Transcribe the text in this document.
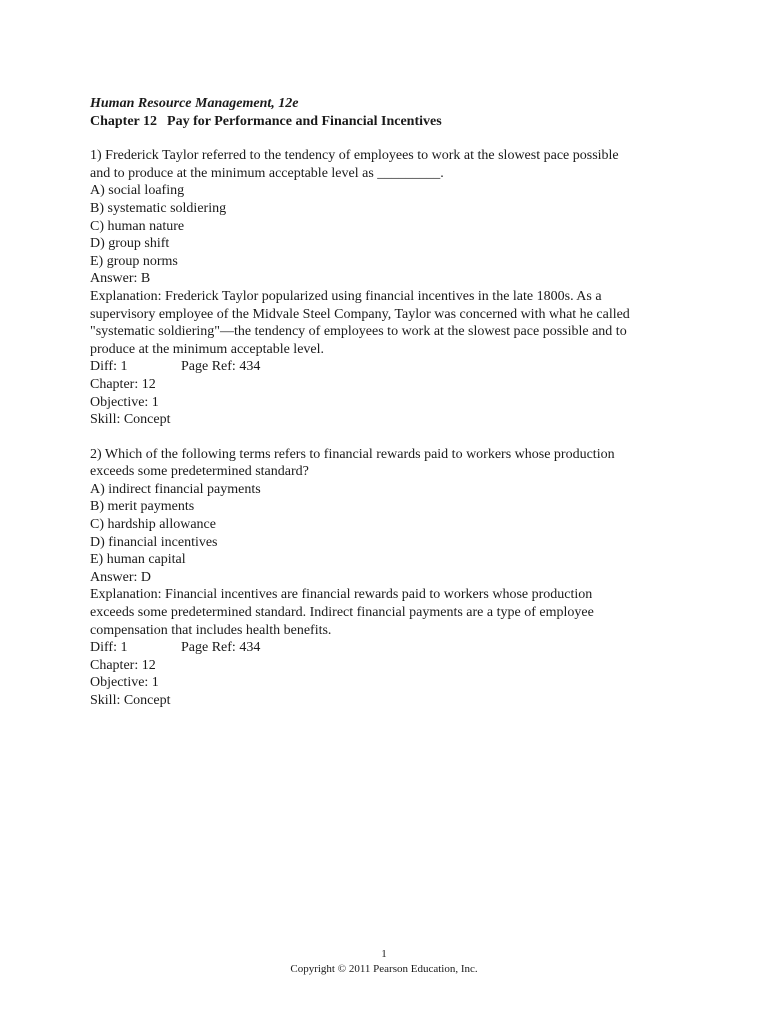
Human Resource Management, 12e
Chapter 12 Pay for Performance and Financial Incentives
1) Frederick Taylor referred to the tendency of employees to work at the slowest pace possible
and to produce at the minimum acceptable level as _________.
A) social loafing
B) systematic soldiering
C) human nature
D) group shift
E) group norms
Answer: B
Explanation: Frederick Taylor popularized using financial incentives in the late 1800s. As a
supervisory employee of the Midvale Steel Company, Taylor was concerned with what he called
"systematic soldiering"—the tendency of employees to work at the slowest pace possible and to
produce at the minimum acceptable level.
Diff: 1	Page Ref: 434
Chapter: 12
Objective: 1
Skill: Concept
2) Which of the following terms refers to financial rewards paid to workers whose production
exceeds some predetermined standard?
A) indirect financial payments
B) merit payments
C) hardship allowance
D) financial incentives
E) human capital
Answer: D
Explanation: Financial incentives are financial rewards paid to workers whose production
exceeds some predetermined standard. Indirect financial payments are a type of employee
compensation that includes health benefits.
Diff: 1	Page Ref: 434
Chapter: 12
Objective: 1
Skill: Concept
1
Copyright © 2011 Pearson Education, Inc.
